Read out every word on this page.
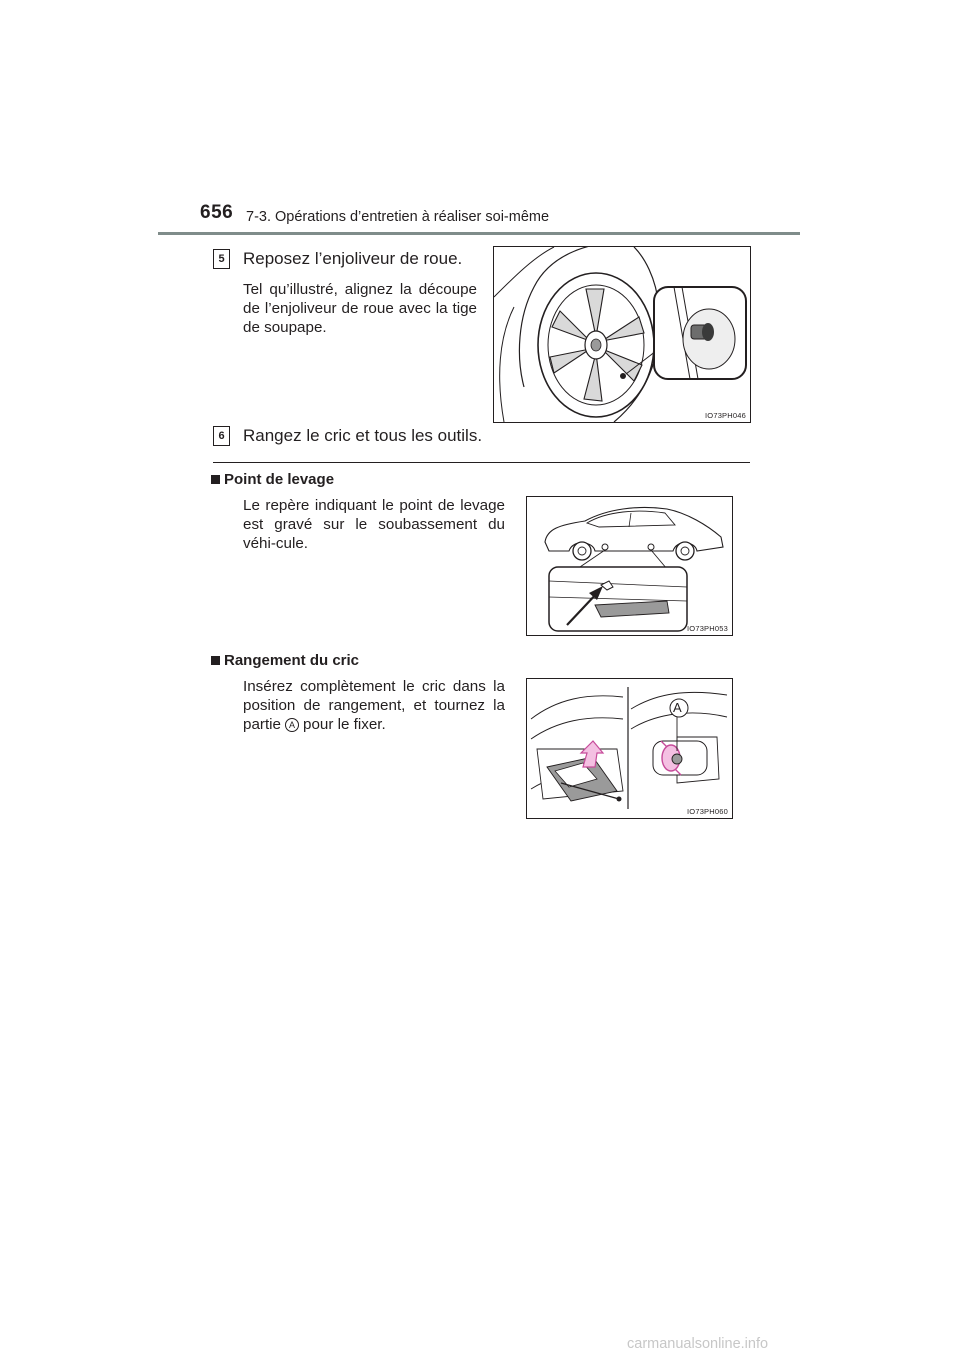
656 7-3. Opérations d’entretien à réaliser soi-même
5	Reposez l’enjoliveur de roue.
Tel qu’illustré, alignez la découpe de l’enjoliveur de roue avec la tige de soupape.
IO73PH046
6	Rangez le cric et tous les outils.
Point de levage
Le repère indiquant le point de levage est gravé sur le soubassement du véhi-cule.
IO73PH053
Rangement du cric
Insérez complètement le cric dans la position de rangement, et tournez la partie A pour le fixer.
A
IO73PH060
carmanualsonline.info
